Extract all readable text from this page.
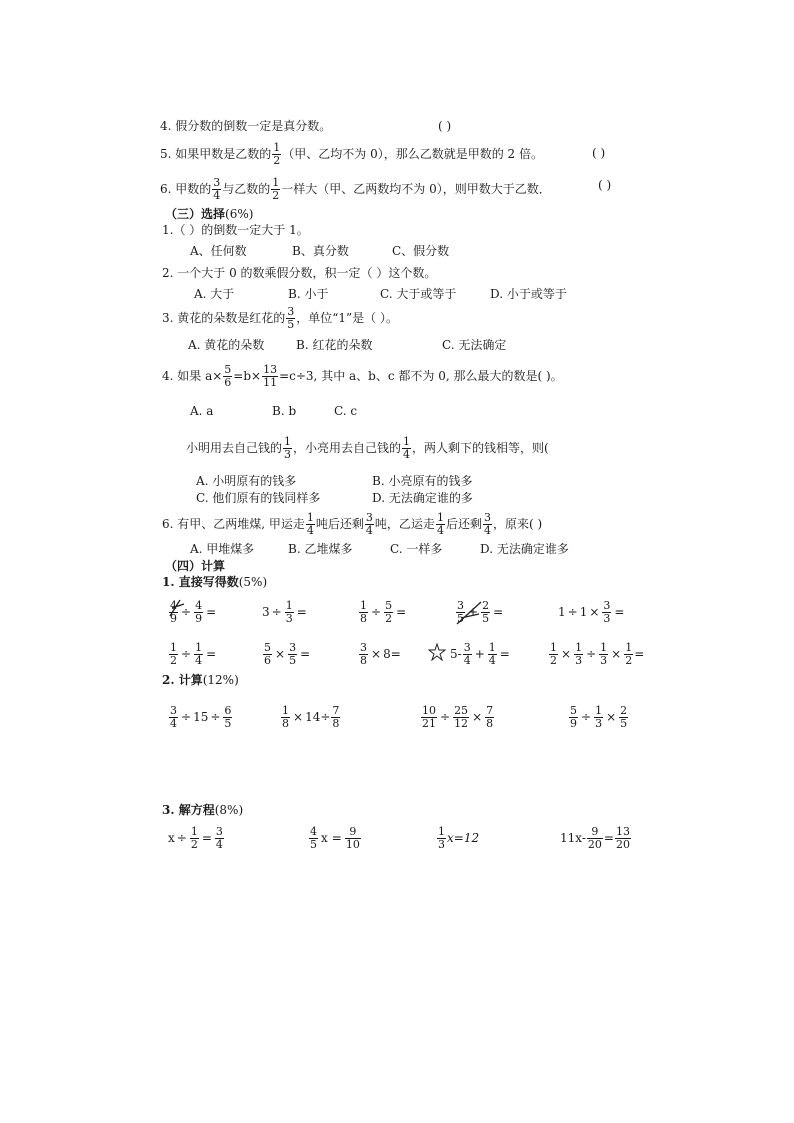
4. 假分数的倒数一定是真分数。	( )
5. 如果甲数是乙数的 $\frac{1}{2}$ （甲、乙均不为 0），那么乙数就是甲数的 2 倍。	( )
6. 甲数的 $\frac{3}{4}$ 与乙数的 $\frac{1}{2}$ 一样大（甲、乙两数均不为 0），则甲数大于乙数．	( )
（三）选择(6%)
1.（ ）的倒数一定大于 1。
A、任何数	B、真分数	C、假分数
2. 一个大于 0 的数乘假分数，积一定（ ）这个数。
A. 大于	B. 小于	C. 大于或等于	D. 小于或等于
3. 黄花的朵数是红花的 $\frac{3}{5}$ ，单位“1”是（ ）。
A. 黄花的朵数	B. 红花的朵数	C. 无法确定
4. 如果 $a\times \frac{5}{6} =b\times \frac{13}{11} =c\div 3$, 其中 a、b、c 都不为 0, 那么最大的数是( )。
A. a	B. b	C. c
小明用去自己钱的 $\frac{1}{3}$ ，小亮用去自己钱的 $\frac{1}{4}$ ，两人剩下的钱相等，则(
A. 小明原有的钱多	B. 小亮原有的钱多
C. 他们原有的钱同样多	D. 无法确定谁的多
6. 有甲、乙两堆煤, 甲运走 $\frac{1}{4}$ 吨后还剩 $\frac{3}{4}$ 吨，乙运走 $\frac{1}{4}$ 后还剩 $\frac{3}{4}$ ，原来( )
A. 甲堆煤多	B. 乙堆煤多	C. 一样多	D. 无法确定谁多
（四）计算
1. 直接写得数(5%)
$\frac{4}{9} \div \frac{4}{9}$ =	$3 \div \frac{1}{3}$ =	$\frac{1}{8} \div \frac{5}{2}$ =	$\frac{3}{5} + \frac{2}{5}$ =	$1 \div 1 \times \frac{3}{3}$ =
$\frac{1}{2} \div \frac{1}{4}$ =	$\frac{5}{6} \times \frac{3}{5}$ =	$\frac{3}{8} \times 8=$	$5- \frac{3}{4} + \frac{1}{4}$ =	$\frac{1}{2} \times \frac{1}{3} \div \frac{1}{3} \times \frac{1}{2}$ =
2. 计算(12%)
$\frac{3}{4} \div 15 \div \frac{6}{5}$	$\frac{1}{8} \times 14\div \frac{7}{8}$	$\frac{10}{21} \div \frac{25}{12} \times \frac{7}{8}$	$\frac{5}{9} \div \frac{1}{3} \times \frac{2}{5}$
3. 解方程(8%)
$x \div \frac{1}{2} = \frac{3}{4}$	$\frac{4}{5}$ $x = \frac{9}{10}$	$\frac{1}{3} x=12$	$11x- \frac{9}{20} = \frac{13}{20}$
